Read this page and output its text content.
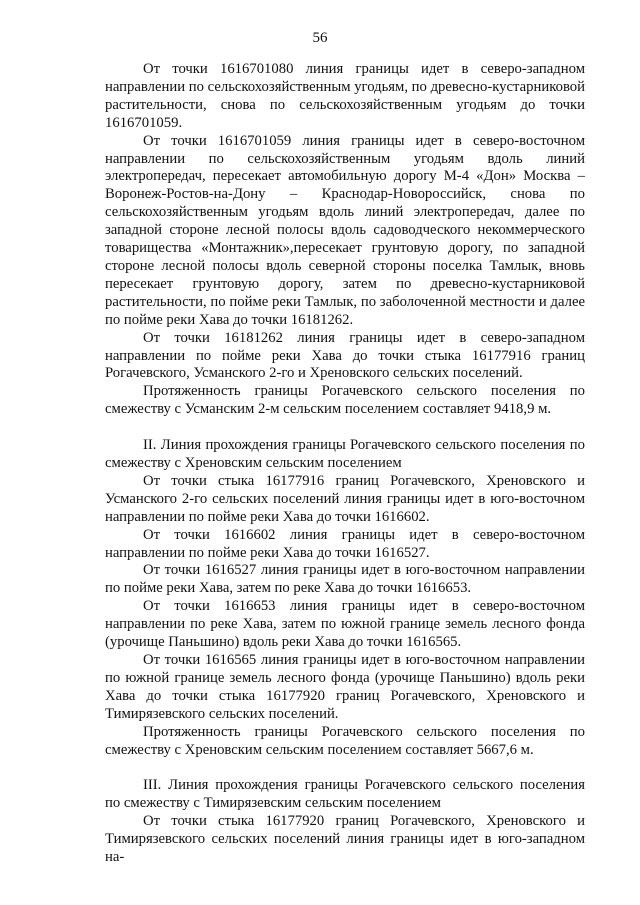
56

От точки 1616701080 линия границы идет в северо-западном направлении по сельскохозяйственным угодьям, по древесно-кустарниковой растительности, снова по сельскохозяйственным угодьям до точки 1616701059.

От точки 1616701059 линия границы идет в северо-восточном направлении по сельскохозяйственным угодьям вдоль линий электропередач, пересекает автомобильную дорогу М-4 «Дон» Москва – Воронеж-Ростов-на-Дону – Краснодар-Новороссийск, снова по сельскохозяйственным угодьям вдоль линий электропередач, далее по западной стороне лесной полосы вдоль садоводческого некоммерческого товарищества «Монтажник»,пересекает грунтовую дорогу, по западной стороне лесной полосы вдоль северной стороны поселка Тамлык, вновь пересекает грунтовую дорогу, затем по древесно-кустарниковой растительности, по пойме реки Тамлык, по заболоченной местности и далее по пойме реки Хава до точки 16181262.

От точки 16181262 линия границы идет в северо-западном направлении по пойме реки Хава до точки стыка 16177916 границ Рогачевского, Усманского 2-го и Хреновского сельских поселений.

Протяженность границы Рогачевского сельского поселения по смежеству с Усманским 2-м сельским поселением составляет 9418,9 м.

II. Линия прохождения границы Рогачевского сельского поселения по смежеству с Хреновским сельским поселением

От точки стыка 16177916 границ Рогачевского, Хреновского и Усманского 2-го сельских поселений линия границы идет в юго-восточном направлении по пойме реки Хава до точки 1616602.

От точки 1616602 линия границы идет в северо-восточном направлении по пойме реки Хава до точки 1616527.

От точки 1616527 линия границы идет в юго-восточном направлении по пойме реки Хава, затем по реке Хава до точки 1616653.

От точки 1616653 линия границы идет в северо-восточном направлении по реке Хава, затем по южной границе земель лесного фонда (урочище Паньшино) вдоль реки Хава до точки 1616565.

От точки 1616565 линия границы идет в юго-восточном направлении по южной границе земель лесного фонда (урочище Паньшино) вдоль реки Хава до точки стыка 16177920 границ Рогачевского, Хреновского и Тимирязевского сельских поселений.

Протяженность границы Рогачевского сельского поселения по смежеству с Хреновским сельским поселением составляет 5667,6 м.

III. Линия прохождения границы Рогачевского сельского поселения по смежеству с Тимирязевским сельским поселением

От точки стыка 16177920 границ Рогачевского, Хреновского и Тимирязевского сельских поселений линия границы идет в юго-западном на-
